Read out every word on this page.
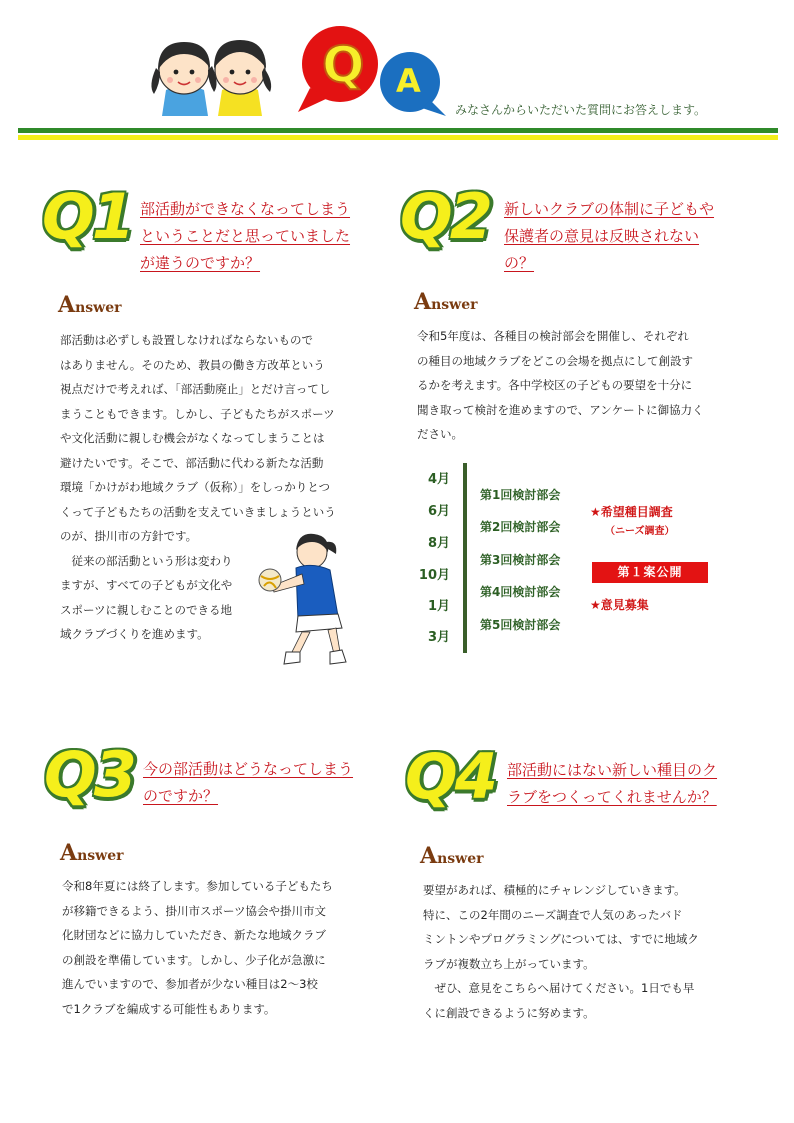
Q A
みなさんからいただいた質問にお答えします。
Q1 部活動ができなくなってしまう
ということだと思っていました
が違うのですか？
Answer
部活動は必ずしも設置しなければならないもので
はありません。そのため、教員の働き方改革という
視点だけで考えれば、「部活動廃止」とだけ言ってし
まうこともできます。しかし、子どもたちがスポーツ
や文化活動に親しむ機会がなくなってしまうことは
避けたいです。そこで、部活動に代わる新たな活動
環境「かけがわ地域クラブ（仮称）」をしっかりとつ
くって子どもたちの活動を支えていきましょうという
のが、掛川市の方針です。
　従来の部活動という形は変わり
ますが、すべての子どもが文化や
スポーツに親しむことのできる地
域クラブづくりを進めます。
Q2 新しいクラブの体制に子どもや
保護者の意見は反映されない
の？
Answer
令和5年度は、各種目の検討部会を開催し、それぞれ
の種目の地域クラブをどこの会場を拠点にして創設す
るかを考えます。各中学校区の子どもの要望を十分に
聞き取って検討を進めますので、アンケートに御協力く
ださい。
4月
6月
8月
10月
1月
3月
第1回検討部会
第2回検討部会
第3回検討部会
第4回検討部会
第5回検討部会
★希望種目調査
（ニーズ調査）
第１案公開
★意見募集
Q3 今の部活動はどうなってしまう
のですか？
Answer
令和8年夏には終了します。参加している子どもたち
が移籍できるよう、掛川市スポーツ協会や掛川市文
化財団などに協力していただき、新たな地域クラブ
の創設を準備しています。しかし、少子化が急激に
進んでいますので、参加者が少ない種目は2～3校
で1クラブを編成する可能性もあります。
Q4 部活動にはない新しい種目のク
ラブをつくってくれませんか？
Answer
要望があれば、積極的にチャレンジしていきます。
特に、この2年間のニーズ調査で人気のあったバド
ミントンやプログラミングについては、すでに地域ク
ラブが複数立ち上がっています。
　ぜひ、意見をこちらへ届けてください。1日でも早
くに創設できるように努めます。
